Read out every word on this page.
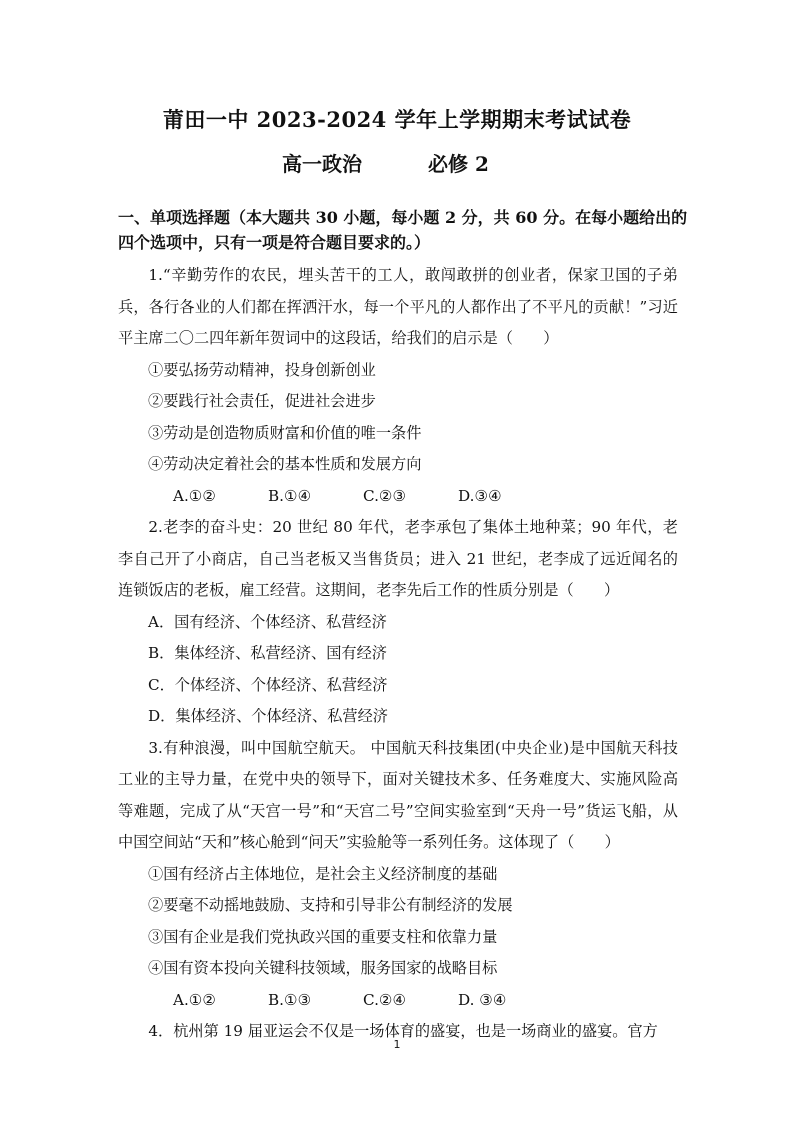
莆田一中 2023-2024 学年上学期期末考试试卷
高一政治	必修 2
一、单项选择题（本大题共 30 小题，每小题 2 分，共 60 分。在每小题给出的四个选项中，只有一项是符合题目要求的。）

1.“辛勤劳作的农民，埋头苦干的工人，敢闯敢拼的创业者，保家卫国的子弟兵，各行各业的人们都在挥洒汗水，每一个平凡的人都作出了不平凡的贡献！”习近平主席二〇二四年新年贺词中的这段话，给我们的启示是（　　）

①要弘扬劳动精神，投身创新创业

②要践行社会责任，促进社会进步

③劳动是创造物质财富和价值的唯一条件

④劳动决定着社会的基本性质和发展方向

A.①②	B.①④	C.②③	D.③④

2.老李的奋斗史：20 世纪 80 年代，老李承包了集体土地种菜；90 年代，老李自己开了小商店，自己当老板又当售货员；进入 21 世纪，老李成了远近闻名的连锁饭店的老板，雇工经营。这期间，老李先后工作的性质分别是（　　）

A．国有经济、个体经济、私营经济B．集体经济、私营经济、国有经济

C．个体经济、个体经济、私营经济D．集体经济、个体经济、私营经济

3.有种浪漫，叫中国航空航天。 中国航天科技集团(中央企业)是中国航天科技工业的主导力量，在党中央的领导下，面对关键技术多、任务难度大、实施风险高等难题，完成了从“天宫一号”和“天宫二号”空间实验室到“天舟一号”货运飞船，从中国空间站“天和”核心舱到“问天”实验舱等一系列任务。这体现了（　　）

①国有经济占主体地位，是社会主义经济制度的基础

②要毫不动摇地鼓励、支持和引导非公有制经济的发展

③国有企业是我们党执政兴国的重要支柱和依靠力量

④国有资本投向关键科技领域，服务国家的战略目标

A.①②	B.①③	C.②④	D. ③④

4．杭州第 19 届亚运会不仅是一场体育的盛宴，也是一场商业的盛宴。官方

1
